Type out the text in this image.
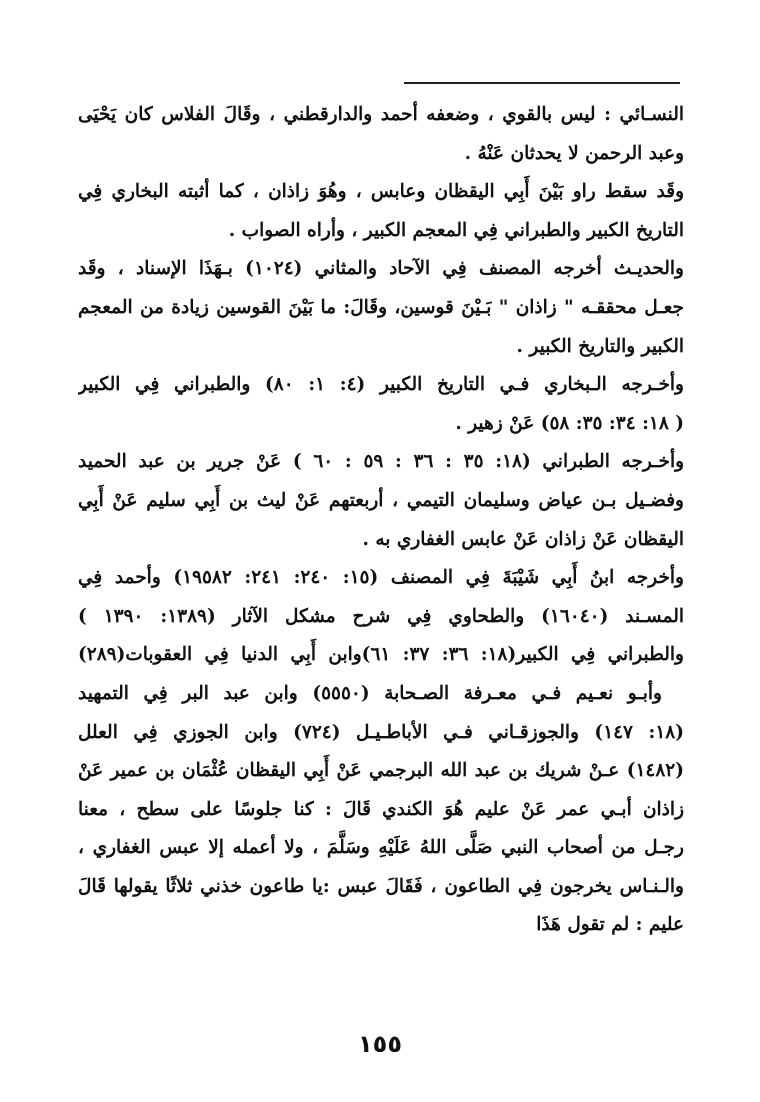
النسـائي : ليس بالقوي ، وضعفه أحمد والدارقطني ، وقَالَ الفلاس كان يَحْيَى
وعبد الرحمن لا يحدثان عَنْهُ .
وقَد سقط راو بَيْنَ أَبِي اليقظان وعابس ، وهُوَ زاذان ، كما أثبته البخاري فِي
التاريخ الكبير والطبراني فِي المعجم الكبير ، وأراه الصواب .
والحديـث أخرجه المصنف فِي الآحاد والمثاني (١٠٢٤) بـهَذَا الإسناد ، وقَد
جعـل محققـه " زاذان " بَـيْنَ قوسين، وقَالَ: ما بَيْنَ القوسين زيادة من المعجم
الكبير والتاريخ الكبير .
وأخـرجه الـبخاري فـي التاريخ الكبير (٤: ١: ٨٠) والطبراني فِي الكبير
( ١٨: ٣٤: ٣٥: ٥٨) عَنْ زهير .
وأخـرجه الطبراني (١٨: ٣٥ : ٣٦ : ٥٩ : ٦٠ ) عَنْ جرير بن عبد الحميد
وفضـيل بـن عياض وسليمان التيمي ، أربعتهم عَنْ ليث بن أَبِي سليم عَنْ أَبِي
اليقظان عَنْ زاذان عَنْ عابس الغفاري به .
وأخرجه ابنُ أَبِي شَيْبَةَ فِي المصنف (١٥: ٢٤٠: ٢٤١: ١٩٥٨٢) وأحمد فِي
المسـند (١٦٠٤٠) والطحاوي فِي شرح مشكل الآثار (١٣٨٩: ١٣٩٠ )
والطبراني فِي الكبير(١٨: ٣٦: ٣٧: ٦١)وابن أَبِي الدنيا فِي العقوبات(٢٨٩)
وأبـو نعـيم فـي معـرفة الصـحابة (٥٥٥٠) وابن عبد البر فِي التمهيد
(١٨: ١٤٧) والجوزقـاني فـي الأباطـيـل (٧٢٤) وابن الجوزي فِي العلل
(١٤٨٢) عـنْ شريك بن عبد الله البرجمي عَنْ أَبِي اليقظان عُثْمَان بن عمير عَنْ
زاذان أبـي عمر عَنْ عليم هُوَ الكندي قَالَ : كنا جلوسًا على سطح ، معنا
رجـل من أصحاب النبي صَلَّى اللهُ عَلَيْهِ وسَلَّمَ ، ولا أعمله إلا عبس الغفاري ،
والـنـاس يخرجون فِي الطاعون ، فَقَالَ عبس :يا طاعون خذني ثلاثًا يقولها قَالَ
عليم : لم تقول هَذَا
١٥٥
